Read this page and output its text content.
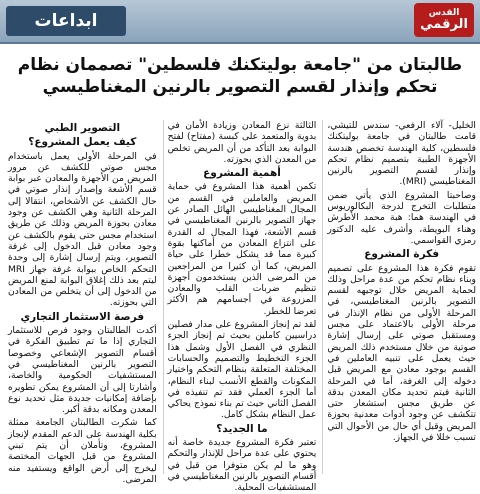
ابداعات	القدس
الرقمي
طالبتان من "جامعة بوليتكنك فلسطين" تصممان نظام تحكم وإنذار لقسم التصوير بالرنين المغناطيسي

الخليل- آلاء الرفعي- سندس للتيشي، قامت طالبتان في جامعة بوليتكنك فلسطين، كلية الهندسة تخصص هندسة الأجهزة الطبية بتصميم نظام تحكم وإنذار لقسم التصوير بالرنين المغناطيسي (MRI).

وصاحبتا المشروع الذي يأتي ضمن متطلبات التخرج لدرجة البكالوريوس في الهندسة هما: هبة محمد الأطرش وهناء البويطة، وأشرف عليه الدكتور رمزي القواسمي.

فكرة المشروع

تقوم فكرة هذا المشروع على تصميم وبناء نظام تحكم من عدة مراحل وذلك لحماية المريض خلال توجيهه لقسم التصوير بالرنين المغناطيسي، في المرحلة الأولى من نظام الإنذار في مرحلة الأولى بالاعتماد على مجس ومستقبل صوتي على إرسال إشارة صوتية من خلال مستخدم ذلك المريض حيث يعمل على تنبيه العاملين في القسم بوجود معادن مع المريض قبل دخوله إلى الغرفة، أما في المرحلة الثانية فيتم تحديد مكان المعدن بدقة عن طريق مجس استشعار حتى تتكشف عن وجود أدوات معدنية بحوزة المريض وقبل أي حال من الأحوال التي تسبب خللا في الجهاز.

الثالثة نزع المعادن وزيادة الأمان في بدوية والمتعمد على كبسة (مفتاح) لفتح البوابة بعد التأكد من أن المريض تخلص من المعدن الذي بحوزته.

أهمية المشروع

تكمن أهمية هذا المشروع في حماية المريض والعاملين في القسم من المجال المغناطيسي الهائل الصادر عن جهاز التصوير بالرنين المغناطيسي في قسم الأشعة، فهذا المجال له القدرة على انتزاع المعادن من أماكنها بقوة كبيرة مما قد يشكل خطرا على حياة المريض، كما أن كثيرا من المراجعين من المرضى الذين يستخدمون أجهزة تنظيم ضربات القلب والمعادن المزروعة في أجسامهم هم الأكثر تعرضا للخطر.

لقد تم إنجاز المشروع على مدار فصلين دراسيين كاملين بحيث تم إنجاز الجزء النظري في الفصل الأول وشمل هذا الجزء التخطيط والتصميم والحسابات المختلفة المتعلقة بنظام التحكم واختيار المكونات والقطع الأنسب لبناء النظام، أما الجزء العملي فقد تم تنفيذه في الفصل الثاني حيث تم بناء نموذج يحاكي عمل النظام بشكل كامل.

ما الجديد؟

تعتبر فكرة المشروع جديدة خاصة أنه يحتوي على عدة مراحل للإنذار والتحكم وهو ما لم يكن متوفرا من قبل في أقسام التصوير بالرنين المغناطيسي في المستشفيات المحلية.

التصوير الطبي
كيف يعمل المشروع؟

في المرحلة الأولى يعمل باستخدام مجس صوتي للكشف عن مرور المريض من الأجهزة والمعادن عبر بوابة قسم الأشعة وإصدار إنذار صوتي في حال الكشف عن الأشخاص، انتقالا إلى المرحلة الثانية وهي الكشف عن وجود معادن بحوزة المريض وذلك عن طريق استخدام مجس حتى يقوم بالكشف عن وجود معادن قبل الدخول إلى غرفة التصوير، ويتم إرسال إشارة إلى وحدة التحكم الخاص ببوابة غرفة جهاز MRI ليتم بعد ذلك إغلاق البوابة لمنع المريض من الدخول إلى أن يتخلص من المعادن التي بحوزته.

فرصة الاستثمار التجاري

أكدت الطالبتان وجود فرص للاستثمار التجاري إذا ما تم تطبيق الفكرة في أقسام التصوير الإشعاعي وخصوصا التصوير بالرنين المغناطيسي في المستشفيات الحكومية والخاصة، وأشارتا إلى أن المشروع يمكن تطويره بإضافة إمكانيات جديدة مثل تحديد نوع المعدن ومكانه بدقة أكبر.

كما شكرت الطالبتان الجامعة ممثلة بكلية الهندسة على الدعم المقدم لإنجاز المشروع، وتأملان أن يتم تبني المشروع من قبل الجهات المختصة ليخرج إلى أرض الواقع ويستفيد منه المرضى.
